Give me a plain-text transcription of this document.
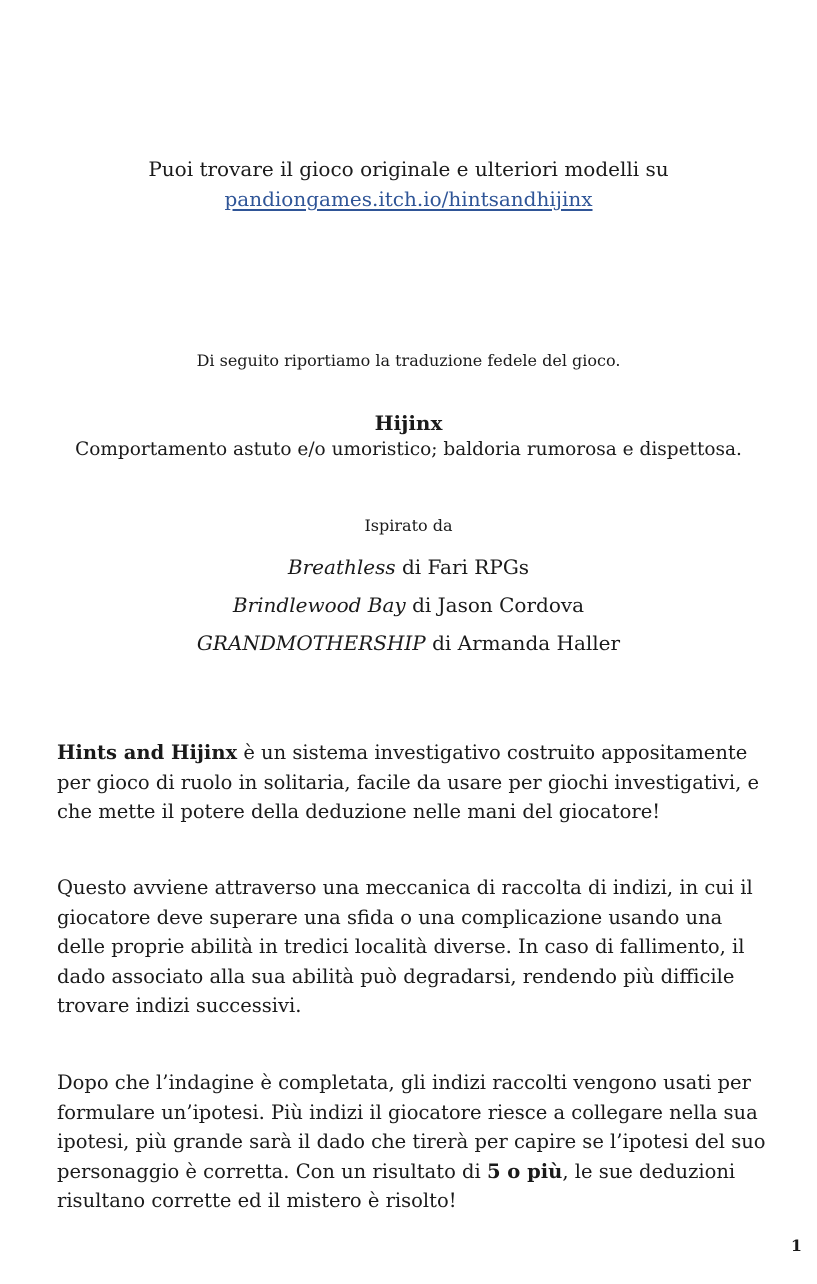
Puoi trovare il gioco originale e ulteriori modelli su
pandiongames.itch.io/hintsandhijinx
Di seguito riportiamo la traduzione fedele del gioco.
Hijinx
Comportamento astuto e/o umoristico; baldoria rumorosa e dispettosa.
Ispirato da
Breathless di Fari RPGs
Brindlewood Bay di Jason Cordova
GRANDMOTHERSHIP di Armanda Haller

Hints and Hijinx è un sistema investigativo costruito appositamente per gioco di ruolo in solitaria, facile da usare per giochi investigativi, e che mette il potere della deduzione nelle mani del giocatore!

Questo avviene attraverso una meccanica di raccolta di indizi, in cui il giocatore deve superare una sfida o una complicazione usando una delle proprie abilità in tredici località diverse. In caso di fallimento, il dado associato alla sua abilità può degradarsi, rendendo più difficile trovare indizi successivi.

Dopo che l’indagine è completata, gli indizi raccolti vengono usati per formulare un’ipotesi. Più indizi il giocatore riesce a collegare nella sua ipotesi, più grande sarà il dado che tirerà per capire se l’ipotesi del suo personaggio è corretta. Con un risultato di 5 o più, le sue deduzioni risultano corrette ed il mistero è risolto!

1
